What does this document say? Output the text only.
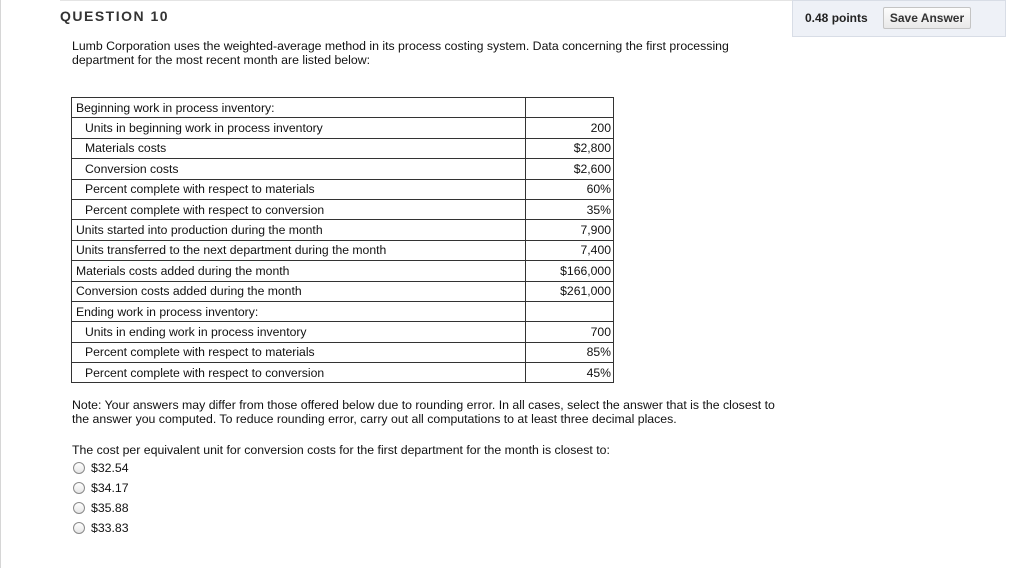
QUESTION 10	0.48 points	Save Answer
Lumb Corporation uses the weighted-average method in its process costing system. Data concerning the first processing department for the most recent month are listed below:
Beginning work in process inventory:	
Units in beginning work in process inventory	200
Materials costs	$2,800
Conversion costs	$2,600
Percent complete with respect to materials	60%
Percent complete with respect to conversion	35%
Units started into production during the month	7,900
Units transferred to the next department during the month	7,400
Materials costs added during the month	$166,000
Conversion costs added during the month	$261,000
Ending work in process inventory:	
Units in ending work in process inventory	700
Percent complete with respect to materials	85%
Percent complete with respect to conversion	45%
Note: Your answers may differ from those offered below due to rounding error. In all cases, select the answer that is the closest to the answer you computed. To reduce rounding error, carry out all computations to at least three decimal places.
The cost per equivalent unit for conversion costs for the first department for the month is closest to:
$32.54
$34.17
$35.88
$33.83
